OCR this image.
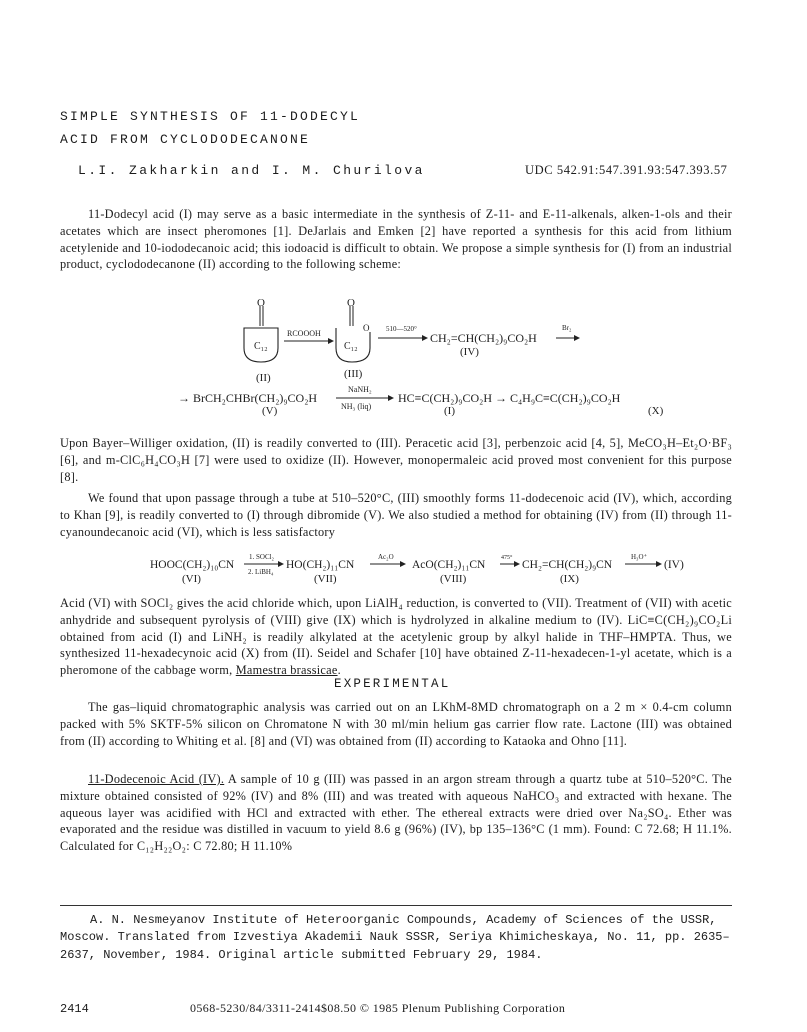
SIMPLE SYNTHESIS OF 11-DODECYL
ACID FROM CYCLODODECANONE
L.I. Zakharkin and I. M. Churilova	UDC 542.91:547.391.93:547.393.57

11-Dodecyl acid (I) may serve as a basic intermediate in the synthesis of Z-11- and E-11-alkenals, alken-1-ols and their acetates which are insect pheromones [1]. DeJarlais and Emken [2] have reported a synthesis for this acid from lithium acetylenide and 10-iododecanoic acid; this iodoacid is difficult to obtain. We propose a simple synthesis for (I) from an industrial product, cyclododecanone (II) according to the following scheme:

O
C₁₂
RCOOOH
O
O
C₁₂
510—520°
CH₂=CH(CH₂)₉CO₂H
Br₂
(IV)
(II)	(III)
→ BrCH₂CHBr(CH₂)₉CO₂H
NaNH₂
NH₃ (liq)
HC≡C(CH₂)₉CO₂H → C₄H₉C≡C(CH₂)₉CO₂H
(V)	(I)	(X)

Upon Bayer–Williger oxidation, (II) is readily converted to (III). Peracetic acid [3], perbenzoic acid [4, 5], MeCO₃H–Et₂O·BF₃ [6], and m-ClC₆H₄CO₃H [7] were used to oxidize (II). However, monopermaleic acid proved most convenient for this purpose [8].

We found that upon passage through a tube at 510–520°C, (III) smoothly forms 11-dodecenoic acid (IV), which, according to Khan [9], is readily converted to (I) through dibromide (V). We also studied a method for obtaining (IV) from (II) through 11-cyanoundecanoic acid (VI), which is less satisfactory

HOOC(CH₂)₁₀CN
1. SOCl₂
2. LiBH₄
HO(CH₂)₁₁CN
Ac₂O
AcO(CH₂)₁₁CN
475°
CH₂=CH(CH₂)₉CN
H₃O⁺
(IV)
(VI)	(VII)	(VIII)	(IX)

Acid (VI) with SOCl₂ gives the acid chloride which, upon LiAlH₄ reduction, is converted to (VII). Treatment of (VII) with acetic anhydride and subsequent pyrolysis of (VIII) give (IX) which is hydrolyzed in alkaline medium to (IV). LiC≡C(CH₂)₉CO₂Li obtained from acid (I) and LiNH₂ is readily alkylated at the acetylenic group by alkyl halide in THF–HMPTA. Thus, we synthesized 11-hexadecynoic acid (X) from (II). Seidel and Schafer [10] have obtained Z-11-hexadecen-1-yl acetate, which is a pheromone of the cabbage worm, Mamestra brassicae.

EXPERIMENTAL

The gas–liquid chromatographic analysis was carried out on an LKhM-8MD chromatograph on a 2 m × 0.4-cm column packed with 5% SKTF-5% silicon on Chromatone N with 30 ml/min helium gas carrier flow rate. Lactone (III) was obtained from (II) according to Whiting et al. [8] and (VI) was obtained from (II) according to Kataoka and Ohno [11].

11-Dodecenoic Acid (IV). A sample of 10 g (III) was passed in an argon stream through a quartz tube at 510–520°C. The mixture obtained consisted of 92% (IV) and 8% (III) and was treated with aqueous NaHCO₃ and extracted with hexane. The aqueous layer was acidified with HCl and extracted with ether. The ethereal extracts were dried over Na₂SO₄. Ether was evaporated and the residue was distilled in vacuum to yield 8.6 g (96%) (IV), bp 135–136°C (1 mm). Found: C 72.68; H 11.1%. Calculated for C₁₂H₂₂O₂: C 72.80; H 11.10%

A. N. Nesmeyanov Institute of Heteroorganic Compounds, Academy of Sciences of the USSR, Moscow. Translated from Izvestiya Akademii Nauk SSSR, Seriya Khimicheskaya, No. 11, pp. 2635–2637, November, 1984. Original article submitted February 29, 1984.

2414	0568-5230/84/3311-2414$08.50 © 1985 Plenum Publishing Corporation
